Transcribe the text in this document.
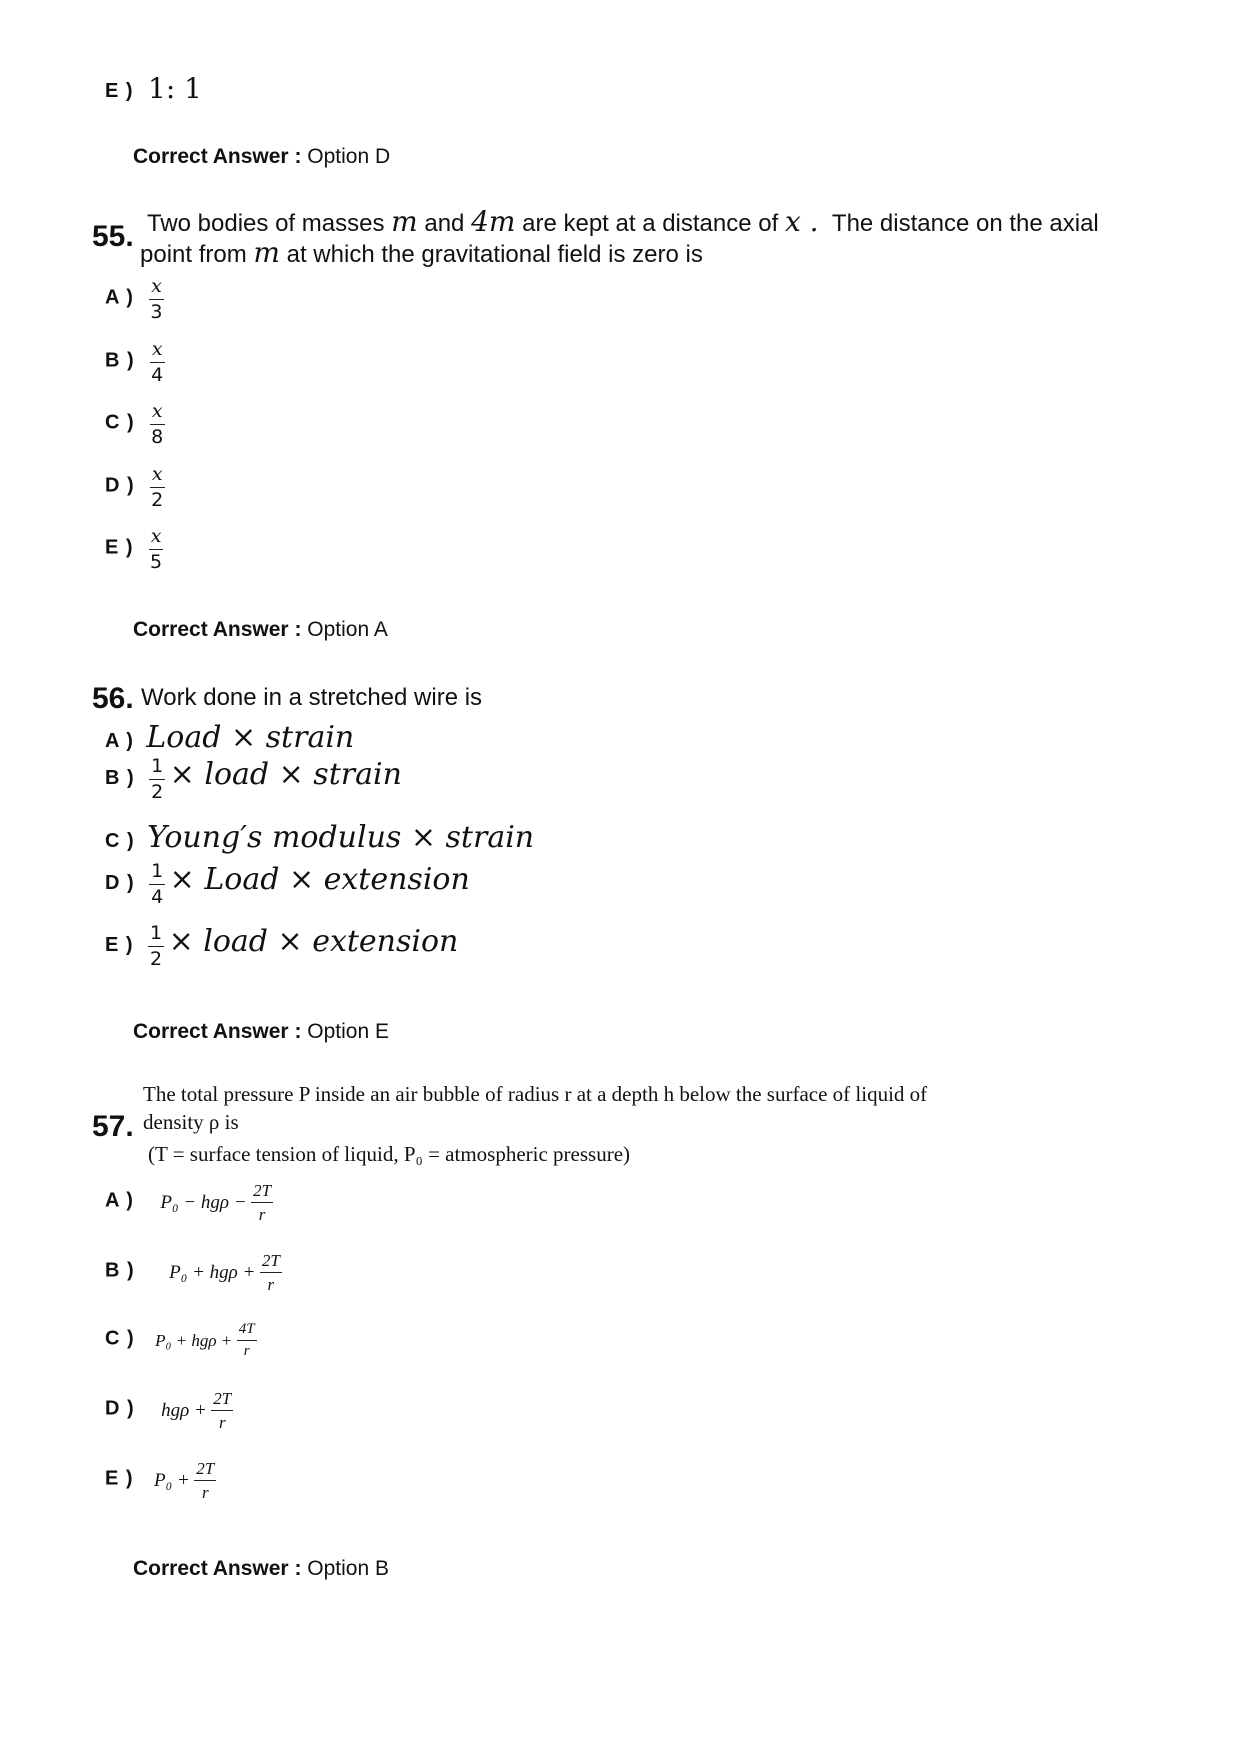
E ) 1: 1
Correct Answer : Option D
55. Two bodies of masses m and 4m are kept at a distance of x . The distance on the axial
point from m at which the gravitational field is zero is
A ) $\frac{x}{3}$
B ) $\frac{x}{4}$
C ) $\frac{x}{8}$
D ) $\frac{x}{2}$
E ) $\frac{x}{5}$
Correct Answer : Option A
56. Work done in a stretched wire is
A ) Load × strain
B ) $\frac{1}{2}$ × load × strain
C ) Young′s modulus × strain
D ) $\frac{1}{4}$ × Load × extension
E ) $\frac{1}{2}$ × load × extension
Correct Answer : Option E
The total pressure P inside an air bubble of radius r at a depth h below the surface of liquid of
57. density ρ is
(T = surface tension of liquid, P₀ = atmospheric pressure)
A ) $P_0 - hg\rho - \frac{2T}{r}$
B ) $P_0 + hg\rho + \frac{2T}{r}$
C ) $P_0 + hg\rho + \frac{4T}{r}$
D ) $hg\rho + \frac{2T}{r}$
E ) $P_0 + \frac{2T}{r}$
Correct Answer : Option B
